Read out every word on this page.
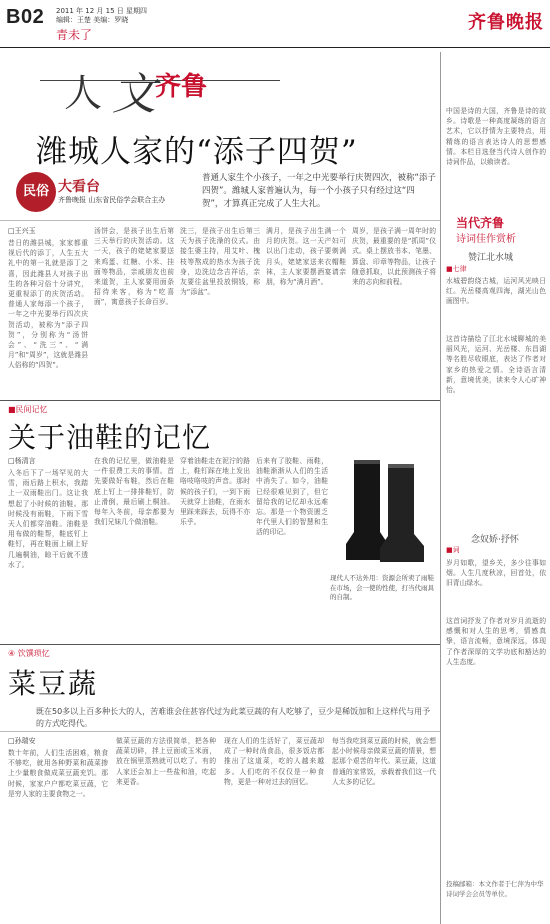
B02 2011 年 12 月 15 日 星期四
编辑：王楚 美编：罗晓
青未了
齐鲁晚报
人 文 齐鲁
潍城人家的“添子四贺”
民俗 大看台
齐鲁晚报 山东省民俗学会联合主办
普通人家生个小孩子，一年之中光要举行庆贺四次，被称“添子四贺”。潍城人家普遍认为，每一个小孩子只有经过这“四贺”，才算真正完成了人生大礼。
□王兴玉
昔日的潍县城，家家都重视后代的添丁，人生五大礼中的第一礼就是添丁之喜，因此潍县人对孩子出生的各种习俗十分讲究，更重视添丁的庆贺活动。普通人家每添一个孩子，一年之中光要举行四次庆贺活动，被称为“添子四贺”，分别称为“汤饼会”、“洗三”、“满月”和“周岁”，这就是潍县人俗称的“四贺”。
汤饼会，是孩子出生后第三天举行的庆贺活动。这一天，孩子的姥姥家要送来鸡蛋、红糖、小米、挂面等物品，亲戚朋友也前来道贺，主人家要用面条招待来客，称为“吃喜面”，寓意孩子长命百岁。
洗三，是孩子出生后第三天为孩子洗澡的仪式。由接生婆主持，用艾叶、槐枝等熬成的热水为孩子洗身，边洗边念吉祥话，亲友要往盆里投放铜钱，称为“添盆”。
满月，是孩子出生满一个月的庆贺。这一天产妇可以出门走动，孩子要剃满月头，姥姥家送来衣帽鞋袜，主人家要摆酒宴请亲朋，称为“满月酒”。
周岁，是孩子满一周年时的庆贺，最重要的是“抓周”仪式。桌上摆放书本、笔墨、算盘、印章等物品，让孩子随意抓取，以此预测孩子将来的志向和前程。
■民间记忆
关于油鞋的记忆
□杨清言
入冬后下了一场罕见的大雪，雨后路上积水，我踏上一双雨鞋出门。这让我想起了小时候的油鞋。那时候没有雨鞋，下雨下雪天人们都穿油鞋。油鞋是用布做的鞋帮，鞋底钉上鞋钉，再在鞋面上刷上好几遍桐油，晾干后就不透水了。
在我的记忆里，做油鞋是一件很费工夫的事情。首先要做好布鞋，然后在鞋底上钉上一排排鞋钉，防止滑倒，最后刷上桐油。每年入冬前，母亲都要为我们兄妹几个做油鞋。
穿着油鞋走在泥泞的路上，鞋钉踩在地上发出咯吱咯吱的声音。那时候的孩子们，一到下雨天就穿上油鞋，在雨水里踩来踩去，玩得不亦乐乎。
后来有了胶鞋、雨鞋，油鞋渐渐从人们的生活中消失了。如今，油鞋已经很难见到了，但它留给我的记忆却永远难忘。那是一个物资匮乏年代里人们的智慧和生活的印记。
现代人不达外用：资源会所卖了雨鞋在市场，会一使的性使，打当代雨具的自制。
④ 饮馔琐忆
菜豆蔬
既在50多以上百多种长大的人，苦难谁会住甚容代过为此菜豆蔬的有人吃够了，豆少是稀饭加和上这样代与用予的方式吃得代。
□孙瑞安
数十年前，人们生活困难，粮食不够吃，就用各种野菜和蔬菜掺上少量粮食做成菜豆蔬充饥。那时候，家家户户都吃菜豆蔬，它是穷人家的主要食物之一。
做菜豆蔬的方法很简单，把各种蔬菜切碎，拌上豆面或玉米面，放在锅里蒸熟就可以吃了。有的人家还会加上一些盐和油，吃起来更香。
现在人们的生活好了，菜豆蔬却成了一种时尚食品，很多饭店都推出了这道菜，吃的人越来越多。人们吃的不仅仅是一种食物，更是一种对过去的回忆。
每当我吃到菜豆蔬的时候，就会想起小时候母亲做菜豆蔬的情景，想起那个艰苦的年代。菜豆蔬，这道普通的家常饭，承载着我们这一代人太多的记忆。
中国是诗的大国，齐鲁是诗的故乡。诗歌是一种高度凝练的语言艺术，它以抒情为主要特点，用精练的语言表达诗人的思想感情。本栏目选登当代诗人创作的诗词作品，以飨读者。
当代齐鲁
诗词佳作赏析
赞江北水城
■七律
水城碧韵绕古城，运河风光映日红。光岳楼高观四海，湖光山色画图中。
这首诗描绘了江北水城聊城的美丽风光，运河、光岳楼、东昌湖等名胜尽收眼底，表达了作者对家乡的热爱之情。全诗语言清新，意境优美，读来令人心旷神怡。
念奴娇·抒怀
■词
岁月如歌，望乡关，多少往事如烟。人生几度秋凉，回首处，依旧青山绿水。
这首词抒发了作者对岁月流逝的感慨和对人生的思考，情感真挚，语言流畅，意境深远，体现了作者深厚的文学功底和豁达的人生态度。
投稿邮箱：本文作者于仁萍为中华诗词学会会员等单位。
